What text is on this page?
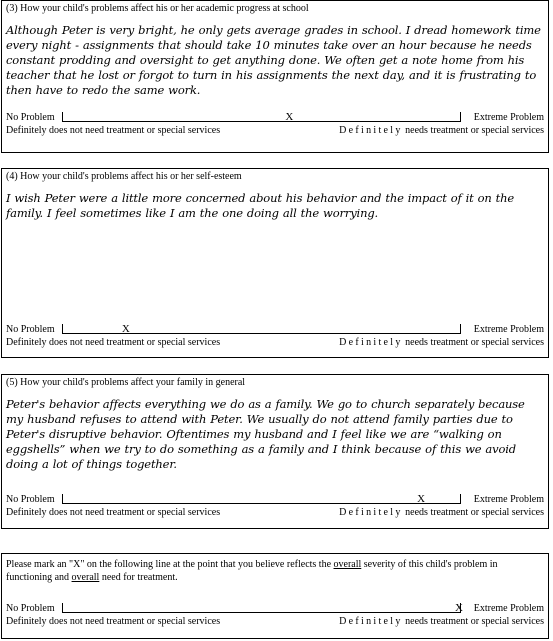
(3) How your child's problems affect his or her academic progress at school
Although Peter is very bright, he only gets average grades in school. I dread homework time every night - assignments that should take 10 minutes take over an hour because he needs constant prodding and oversight to get anything done. We often get a note home from his teacher that he lost or forgot to turn in his assignments the next day, and it is frustrating to then have to redo the same work.
No Problem	X	Extreme Problem
Definitely does not need treatment or special services	Definitely needs treatment or special services
(4) How your child's problems affect his or her self-esteem
I wish Peter were a little more concerned about his behavior and the impact of it on the family. I feel sometimes like I am the one doing all the worrying.
No Problem	X	Extreme Problem
Definitely does not need treatment or special services	Definitely needs treatment or special services
(5) How your child's problems affect your family in general
Peter's behavior affects everything we do as a family. We go to church separately because my husband refuses to attend with Peter. We usually do not attend family parties due to Peter's disruptive behavior. Oftentimes my husband and I feel like we are “walking on eggshells” when we try to do something as a family and I think because of this we avoid doing a lot of things together.
No Problem	X	Extreme Problem
Definitely does not need treatment or special services	Definitely needs treatment or special services
Please mark an "X" on the following line at the point that you believe reflects the overall severity of this child's problem in functioning and overall need for treatment.
No Problem	X Extreme Problem
Definitely does not need treatment or special services	Definitely needs treatment or special services
